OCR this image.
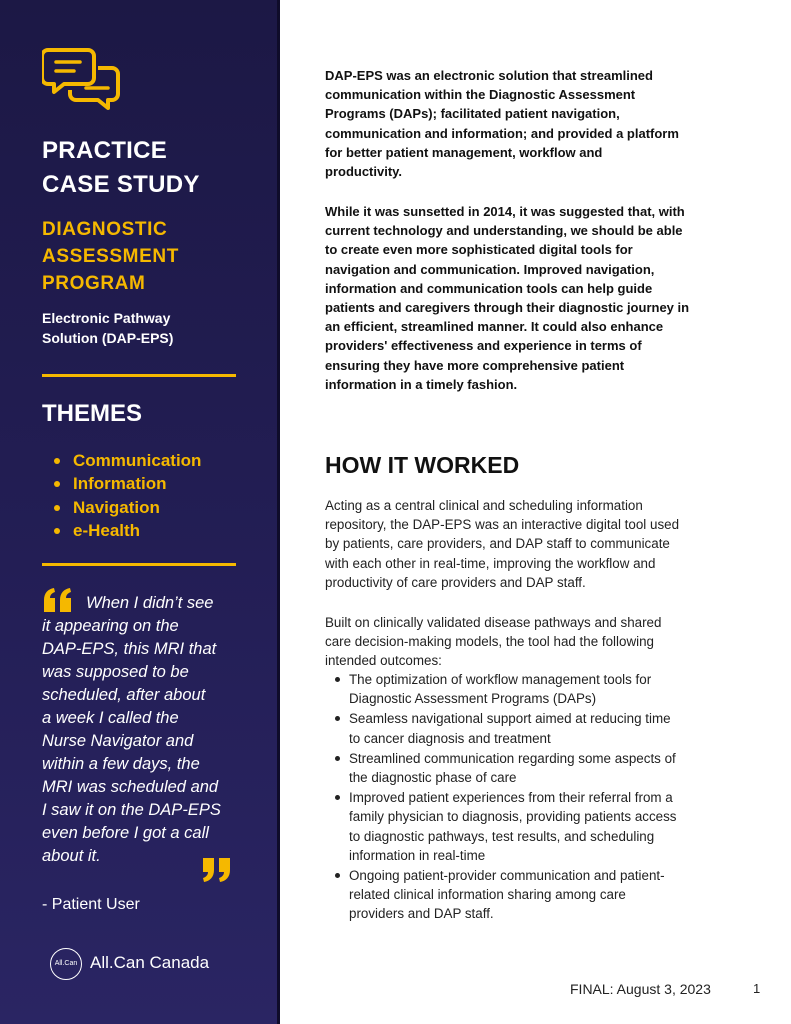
PRACTICE
CASE STUDY
DIAGNOSTIC
ASSESSMENT
PROGRAM
Electronic Pathway
Solution (DAP-EPS)
THEMES
Communication
Information
Navigation
e-Health
When I didn’t see
it appearing on the
DAP-EPS, this MRI that
was supposed to be
scheduled, after about
a week I called the
Nurse Navigator and
within a few days, the
MRI was scheduled and
I saw it on the DAP-EPS
even before I got a call
about it.
- Patient User
All.Can All.Can Canada
DAP-EPS was an electronic solution that streamlined
communication within the Diagnostic Assessment
Programs (DAPs); facilitated patient navigation,
communication and information; and provided a platform
for better patient management, workflow and
productivity.
While it was sunsetted in 2014, it was suggested that, with
current technology and understanding, we should be able
to create even more sophisticated digital tools for
navigation and communication. Improved navigation,
information and communication tools can help guide
patients and caregivers through their diagnostic journey in
an efficient, streamlined manner. It could also enhance
providers' effectiveness and experience in terms of
ensuring they have more comprehensive patient
information in a timely fashion.
HOW IT WORKED
Acting as a central clinical and scheduling information
repository, the DAP-EPS was an interactive digital tool used
by patients, care providers, and DAP staff to communicate
with each other in real-time, improving the workflow and
productivity of care providers and DAP staff.
Built on clinically validated disease pathways and shared
care decision-making models, the tool had the following
intended outcomes:
The optimization of workflow management tools for
Diagnostic Assessment Programs (DAPs)
Seamless navigational support aimed at reducing time
to cancer diagnosis and treatment
Streamlined communication regarding some aspects of
the diagnostic phase of care
Improved patient experiences from their referral from a
family physician to diagnosis, providing patients access
to diagnostic pathways, test results, and scheduling
information in real-time
Ongoing patient-provider communication and patient-
related clinical information sharing among care
providers and DAP staff.
FINAL: August 3, 2023	1
